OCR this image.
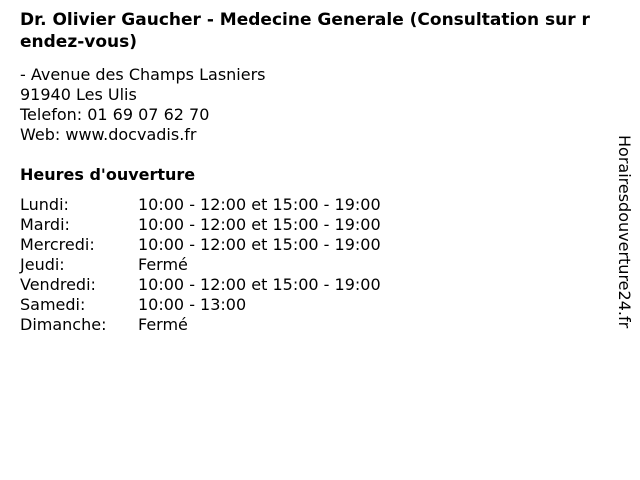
Dr. Olivier Gaucher - Medecine Generale (Consultation sur rendez-vous)
- Avenue des Champs Lasniers
91940 Les Ulis
Telefon: 01 69 07 62 70
Web: www.docvadis.fr
Heures d'ouverture
Lundi:	10:00 - 12:00 et 15:00 - 19:00
Mardi:	10:00 - 12:00 et 15:00 - 19:00
Mercredi:	10:00 - 12:00 et 15:00 - 19:00
Jeudi:	Fermé
Vendredi:	10:00 - 12:00 et 15:00 - 19:00
Samedi:	10:00 - 13:00
Dimanche:	Fermé	Horairesdouverture24.fr
